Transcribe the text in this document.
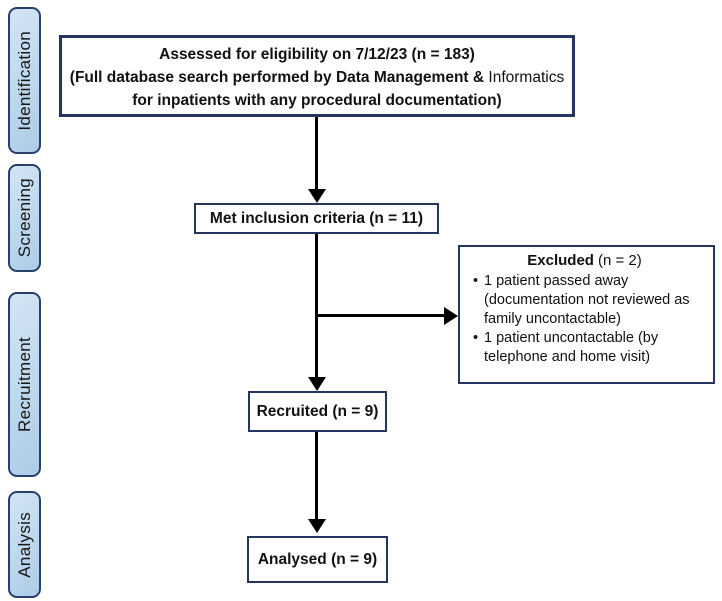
Identification
Screening
Recruitment
Analysis
Assessed for eligibility on 7/12/23 (n = 183)
(Full database search performed by Data Management & Informatics
for inpatients with any procedural documentation)
Met inclusion criteria (n = 11)
Excluded (n = 2)
• 1 patient passed away (documentation not reviewed as family uncontactable)
• 1 patient uncontactable (by telephone and home visit)
Recruited (n = 9)
Analysed (n = 9)
